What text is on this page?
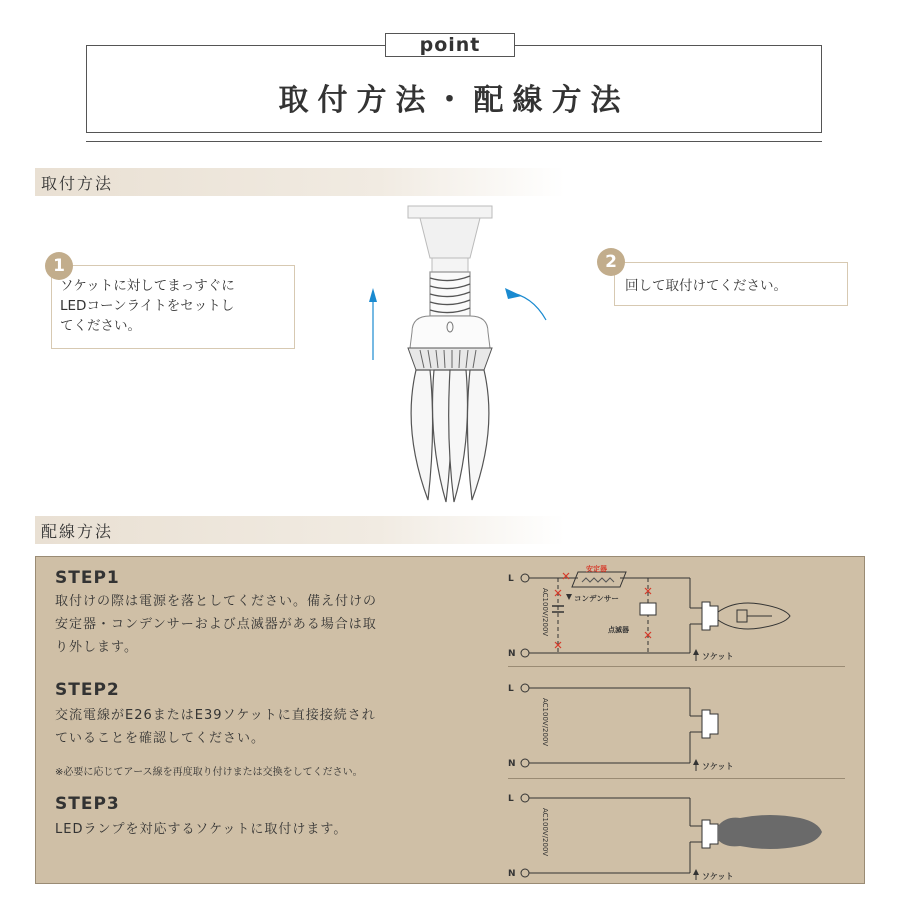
point
取付方法・配線方法
取付方法
ソケットに対してまっすぐに
LEDコーンライトをセットし
てください。
1
回して取付けてください。
2
配線方法
STEP1
取付けの際は電源を落としてください。備え付けの
安定器・コンデンサーおよび点滅器がある場合は取
り外します。
STEP2
交流電線がE26またはE39ソケットに直接接続され
ていることを確認してください。
※必要に応じてアース線を再度取り付けまたは交換をしてください。
STEP3
LEDランプを対応するソケットに取付けます。
L
N
L
N
L
N
AC100V/200V
AC100V/200V
AC100V/200V
安定器
コンデンサー
点滅器
ソケット
ソケット
ソケット
